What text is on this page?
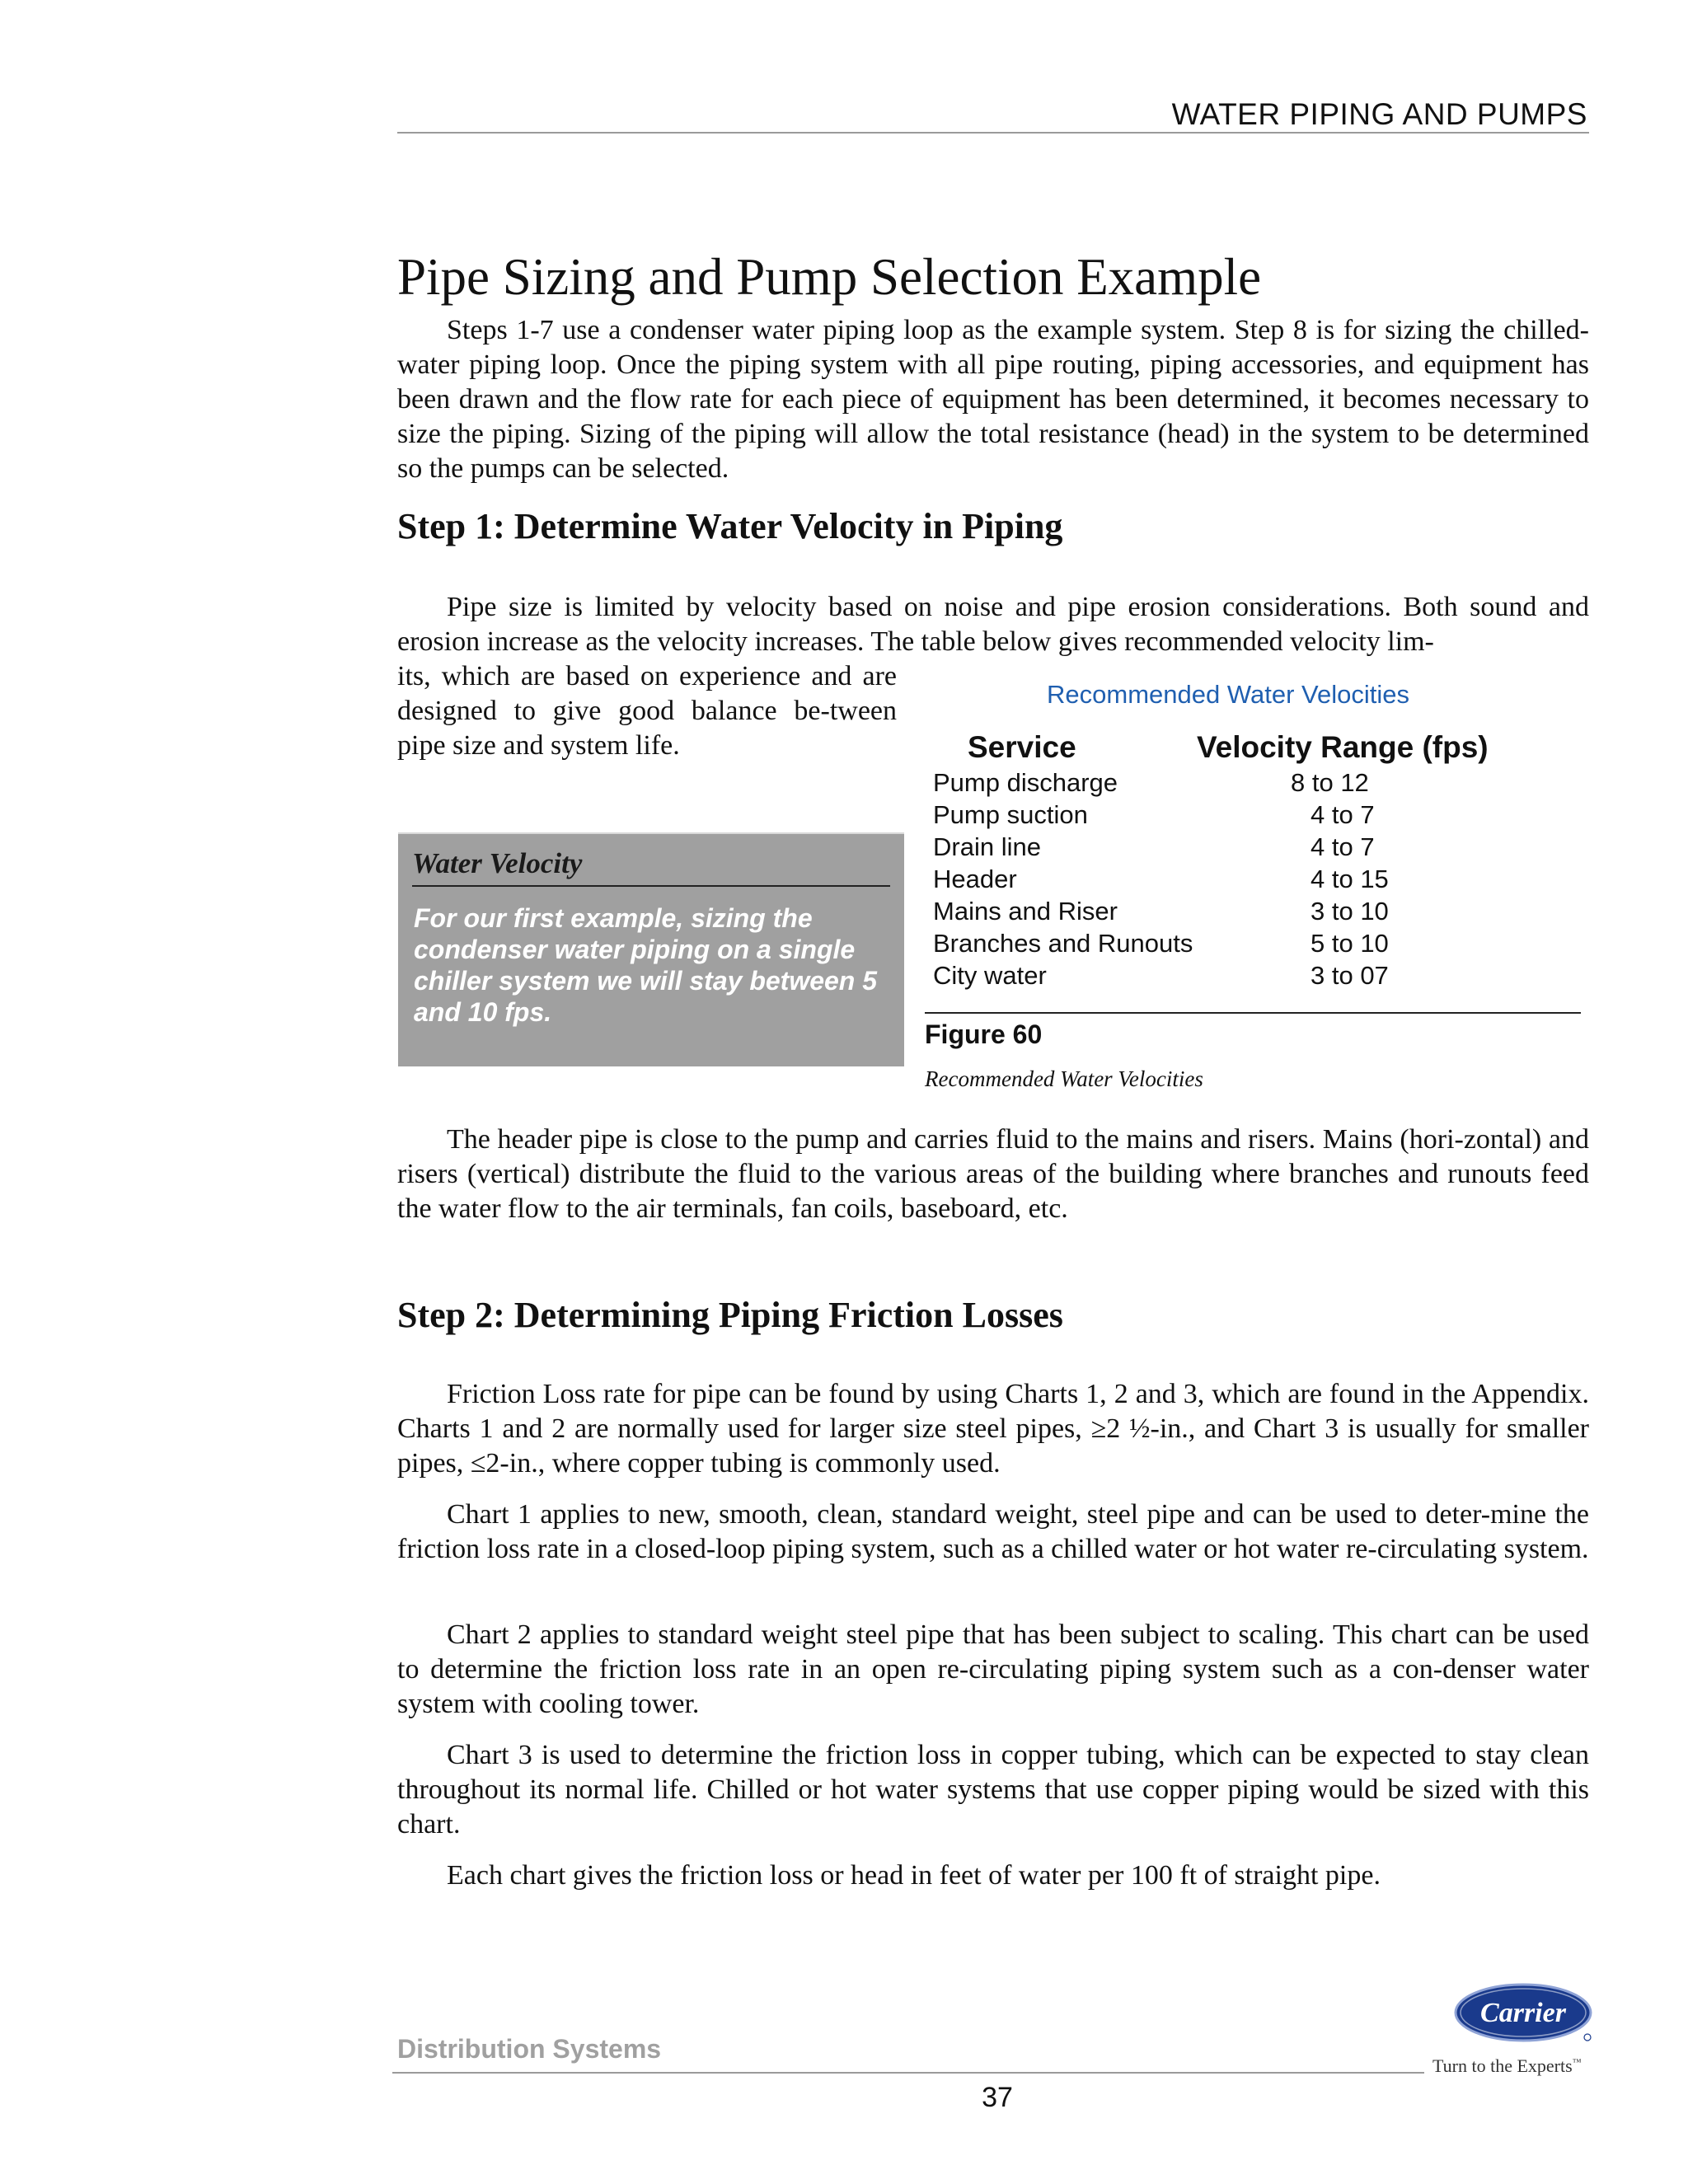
WATER PIPING AND PUMPS
Pipe Sizing and Pump Selection Example
Steps 1-7 use a condenser water piping loop as the example system. Step 8 is for sizing the chilled-water piping loop. Once the piping system with all pipe routing, piping accessories, and equipment has been drawn and the flow rate for each piece of equipment has been determined, it becomes necessary to size the piping. Sizing of the piping will allow the total resistance (head) in the system to be determined so the pumps can be selected.
Step 1: Determine Water Velocity in Piping
Pipe size is limited by velocity based on noise and pipe erosion considerations. Both sound and erosion increase as the velocity increases. The table below gives recommended velocity lim-
its, which are based on experience and are designed to give good balance be-tween pipe size and system life.
Water Velocity
For our first example, sizing the condenser water piping on a single chiller system we will stay between 5 and 10 fps.
Recommended Water Velocities
Service	Velocity Range (fps)
Pump discharge	8 to 12
Pump suction	4 to 7
Drain line	4 to 7
Header	4 to 15
Mains and Riser	3 to 10
Branches and Runouts	5 to 10
City water	3 to 07
Figure 60
Recommended Water Velocities
The header pipe is close to the pump and carries fluid to the mains and risers. Mains (hori-zontal) and risers (vertical) distribute the fluid to the various areas of the building where branches and runouts feed the water flow to the air terminals, fan coils, baseboard, etc.
Step 2: Determining Piping Friction Losses
Friction Loss rate for pipe can be found by using Charts 1, 2 and 3, which are found in the Appendix. Charts 1 and 2 are normally used for larger size steel pipes, ≥2 ½-in., and Chart 3 is usually for smaller pipes, ≤2-in., where copper tubing is commonly used.
Chart 1 applies to new, smooth, clean, standard weight, steel pipe and can be used to deter-mine the friction loss rate in a closed-loop piping system, such as a chilled water or hot water re-circulating system.
Chart 2 applies to standard weight steel pipe that has been subject to scaling. This chart can be used to determine the friction loss rate in an open re-circulating piping system such as a con-denser water system with cooling tower.
Chart 3 is used to determine the friction loss in copper tubing, which can be expected to stay clean throughout its normal life. Chilled or hot water systems that use copper piping would be sized with this chart.
Each chart gives the friction loss or head in feet of water per 100 ft of straight pipe.
Distribution Systems
37
Carrier
Turn to the Experts™
